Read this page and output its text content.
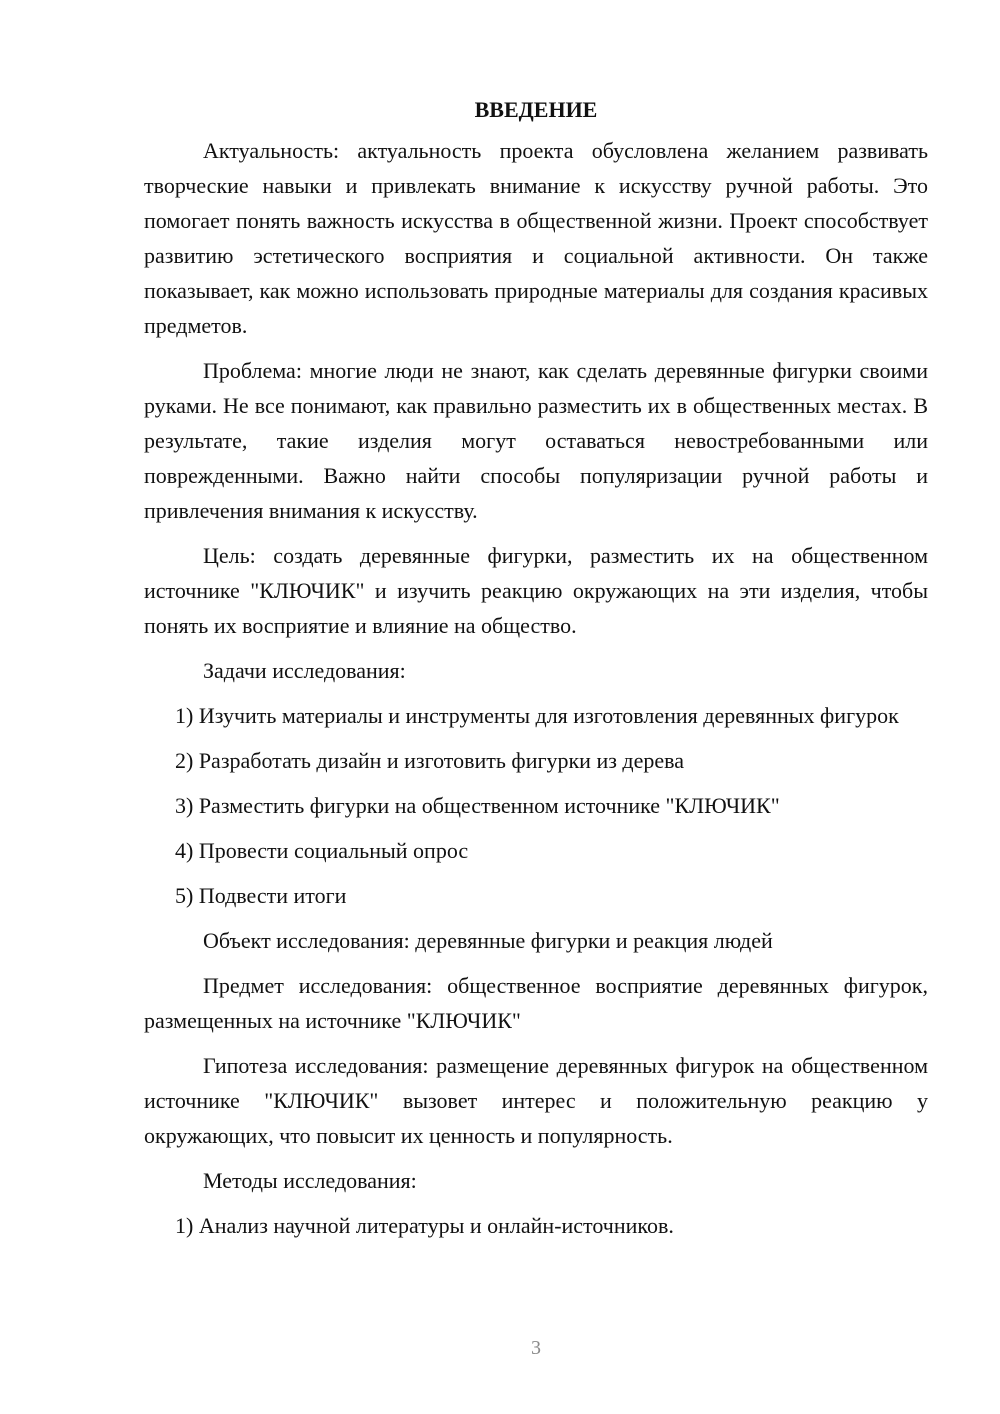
ВВЕДЕНИЕ

Актуальность: актуальность проекта обусловлена желанием развивать творческие навыки и привлекать внимание к искусству ручной работы. Это помогает понять важность искусства в общественной жизни. Проект способствует развитию эстетического восприятия и социальной активности. Он также показывает, как можно использовать природные материалы для создания красивых предметов.

Проблема: многие люди не знают, как сделать деревянные фигурки своими руками. Не все понимают, как правильно разместить их в общественных местах. В результате, такие изделия могут оставаться невостребованными или поврежденными. Важно найти способы популяризации ручной работы и привлечения внимания к искусству.

Цель: создать деревянные фигурки, разместить их на общественном источнике "КЛЮЧИК" и изучить реакцию окружающих на эти изделия, чтобы понять их восприятие и влияние на общество.

Задачи исследования:

1) Изучить материалы и инструменты для изготовления деревянных фигурок

2) Разработать дизайн и изготовить фигурки из дерева

3) Разместить фигурки на общественном источнике "КЛЮЧИК"

4) Провести социальный опрос

5) Подвести итоги

Объект исследования: деревянные фигурки и реакция людей

Предмет исследования: общественное восприятие деревянных фигурок, размещенных на источнике "КЛЮЧИК"

Гипотеза исследования: размещение деревянных фигурок на общественном источнике "КЛЮЧИК" вызовет интерес и положительную реакцию у окружающих, что повысит их ценность и популярность.

Методы исследования:

1) Анализ научной литературы и онлайн-источников.

3
